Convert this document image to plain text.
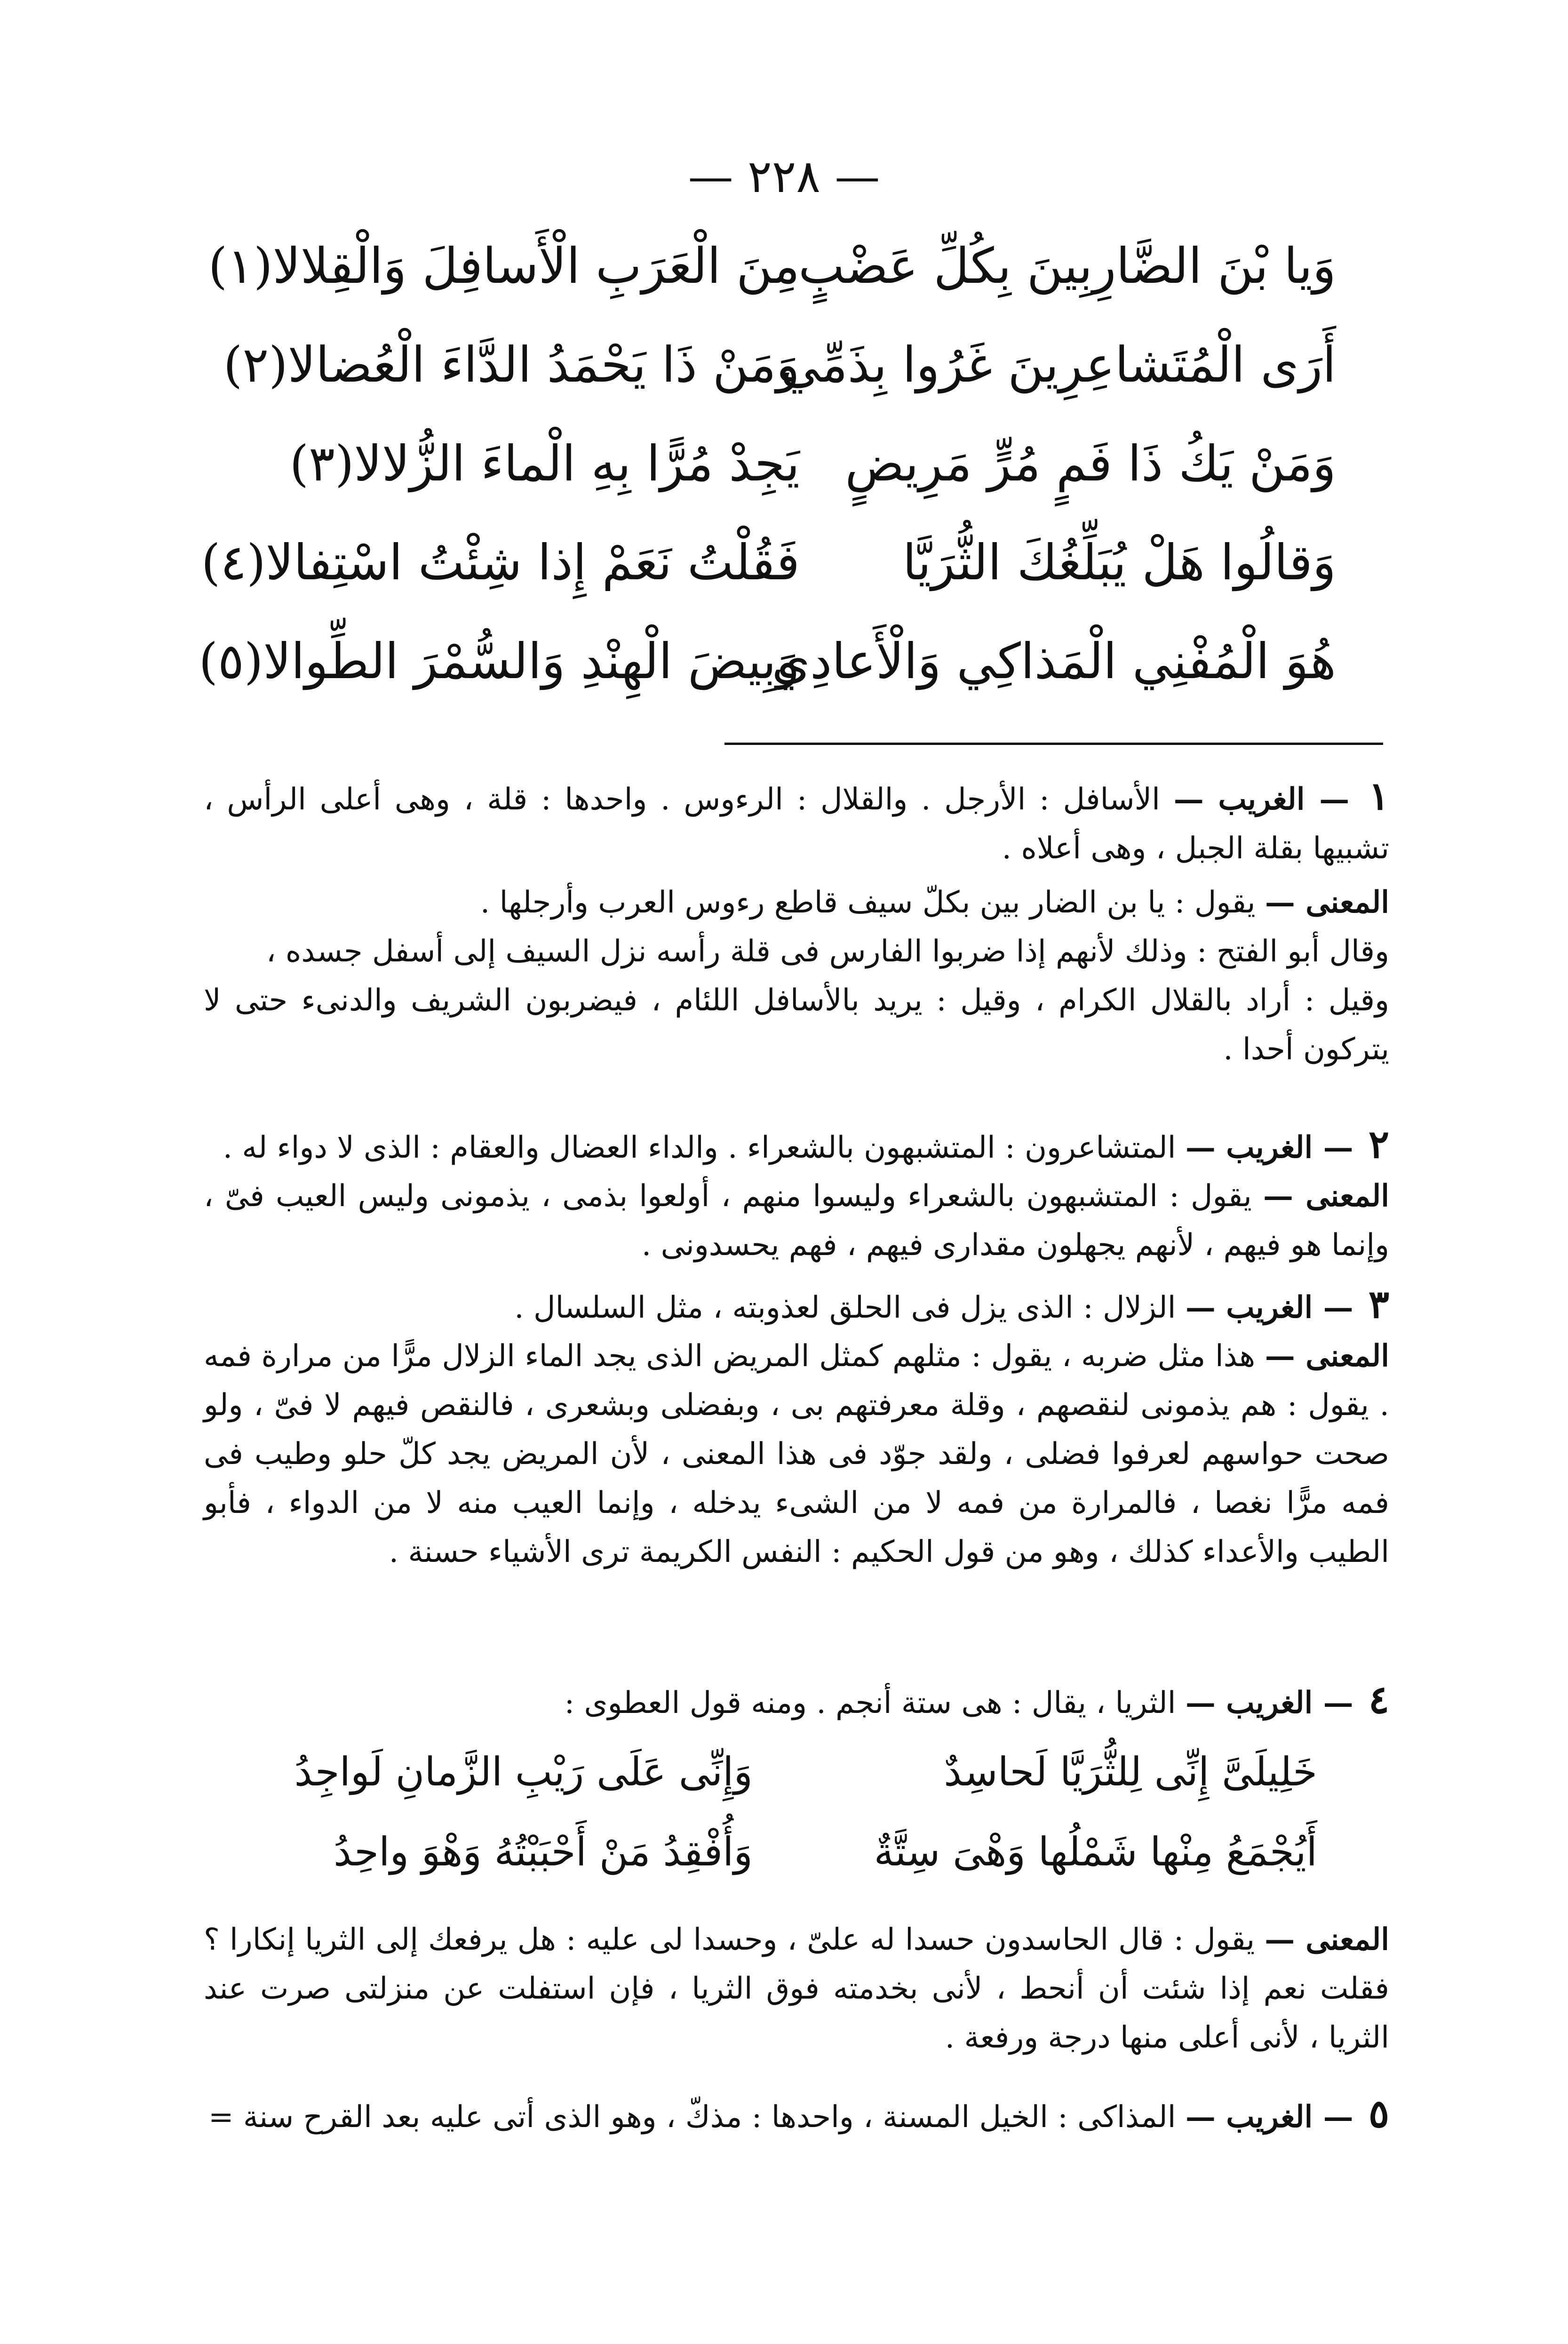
— ٢٢٨ —
وَيا بْنَ الضَّارِبِينَ بِكُلِّ عَضْبٍ
مِنَ الْعَرَبِ الْأَسافِلَ وَالْقِلالا(١)
أَرَى الْمُتَشاعِرِينَ غَرُوا بِذَمِّي
وَمَنْ ذَا يَحْمَدُ الدَّاءَ الْعُضالا(٢)
وَمَنْ يَكُ ذَا فَمٍ مُرٍّ مَرِيضٍ
يَجِدْ مُرًّا بِهِ الْماءَ الزُّلالا(٣)
وَقالُوا هَلْ يُبَلِّغُكَ الثُّرَيَّا
فَقُلْتُ نَعَمْ إِذا شِئْتُ اسْتِفالا(٤)
هُوَ الْمُفْنِي الْمَذاكِي وَالْأَعادِي
وَبِيضَ الْهِنْدِ وَالسُّمْرَ الطِّوالا(٥)
١ — الغريب — الأسافل : الأرجل . والقلال : الرءوس . واحدها : قلة ، وهى أعلى الرأس ، تشبيها بقلة الجبل ، وهى أعلاه .
المعنى — يقول : يا بن الضار بين بكلّ سيف قاطع رءوس العرب وأرجلها .
وقال أبو الفتح : وذلك لأنهم إذا ضربوا الفارس فى قلة رأسه نزل السيف إلى أسفل جسده ،
وقيل : أراد بالقلال الكرام ، وقيل : يريد بالأسافل اللئام ، فيضربون الشريف والدنىء حتى لا يتركون أحدا .
٢ — الغريب — المتشاعرون : المتشبهون بالشعراء . والداء العضال والعقام : الذى لا دواء له .
المعنى — يقول : المتشبهون بالشعراء وليسوا منهم ، أولعوا بذمى ، يذمونى وليس العيب فىّ ، وإنما هو فيهم ، لأنهم يجهلون مقدارى فيهم ، فهم يحسدونى .
٣ — الغريب — الزلال : الذى يزل فى الحلق لعذوبته ، مثل السلسال .
المعنى — هذا مثل ضربه ، يقول : مثلهم كمثل المريض الذى يجد الماء الزلال مرًّا من مرارة فمه . يقول : هم يذمونى لنقصهم ، وقلة معرفتهم بى ، وبفضلى وبشعرى ، فالنقص فيهم لا فىّ ، ولو صحت حواسهم لعرفوا فضلى ، ولقد جوّد فى هذا المعنى ، لأن المريض يجد كلّ حلو وطيب فى فمه مرًّا نغصا ، فالمرارة من فمه لا من الشىء يدخله ، وإنما العيب منه لا من الدواء ، فأبو الطيب والأعداء كذلك ، وهو من قول الحكيم : النفس الكريمة ترى الأشياء حسنة .
٤ — الغريب — الثريا ، يقال : هى ستة أنجم . ومنه قول العطوى :
خَلِيلَىَّ إِنِّى لِلثُّرَيَّا لَحاسِدٌ
وَإِنِّى عَلَى رَيْبِ الزَّمانِ لَواجِدُ
أَيُجْمَعُ مِنْها شَمْلُها وَهْىَ سِتَّةٌ
وَأُفْقِدُ مَنْ أَحْبَبْتُهُ وَهْوَ واحِدُ
المعنى — يقول : قال الحاسدون حسدا له علىّ ، وحسدا لى عليه : هل يرفعك إلى الثريا إنكارا ؟ فقلت نعم إذا شئت أن أنحط ، لأنى بخدمته فوق الثريا ، فإن استفلت عن منزلتى صرت عند الثريا ، لأنى أعلى منها درجة ورفعة .
٥ — الغريب — المذاكى : الخيل المسنة ، واحدها : مذكّ ، وهو الذى أتى عليه بعد القرح سنة =
